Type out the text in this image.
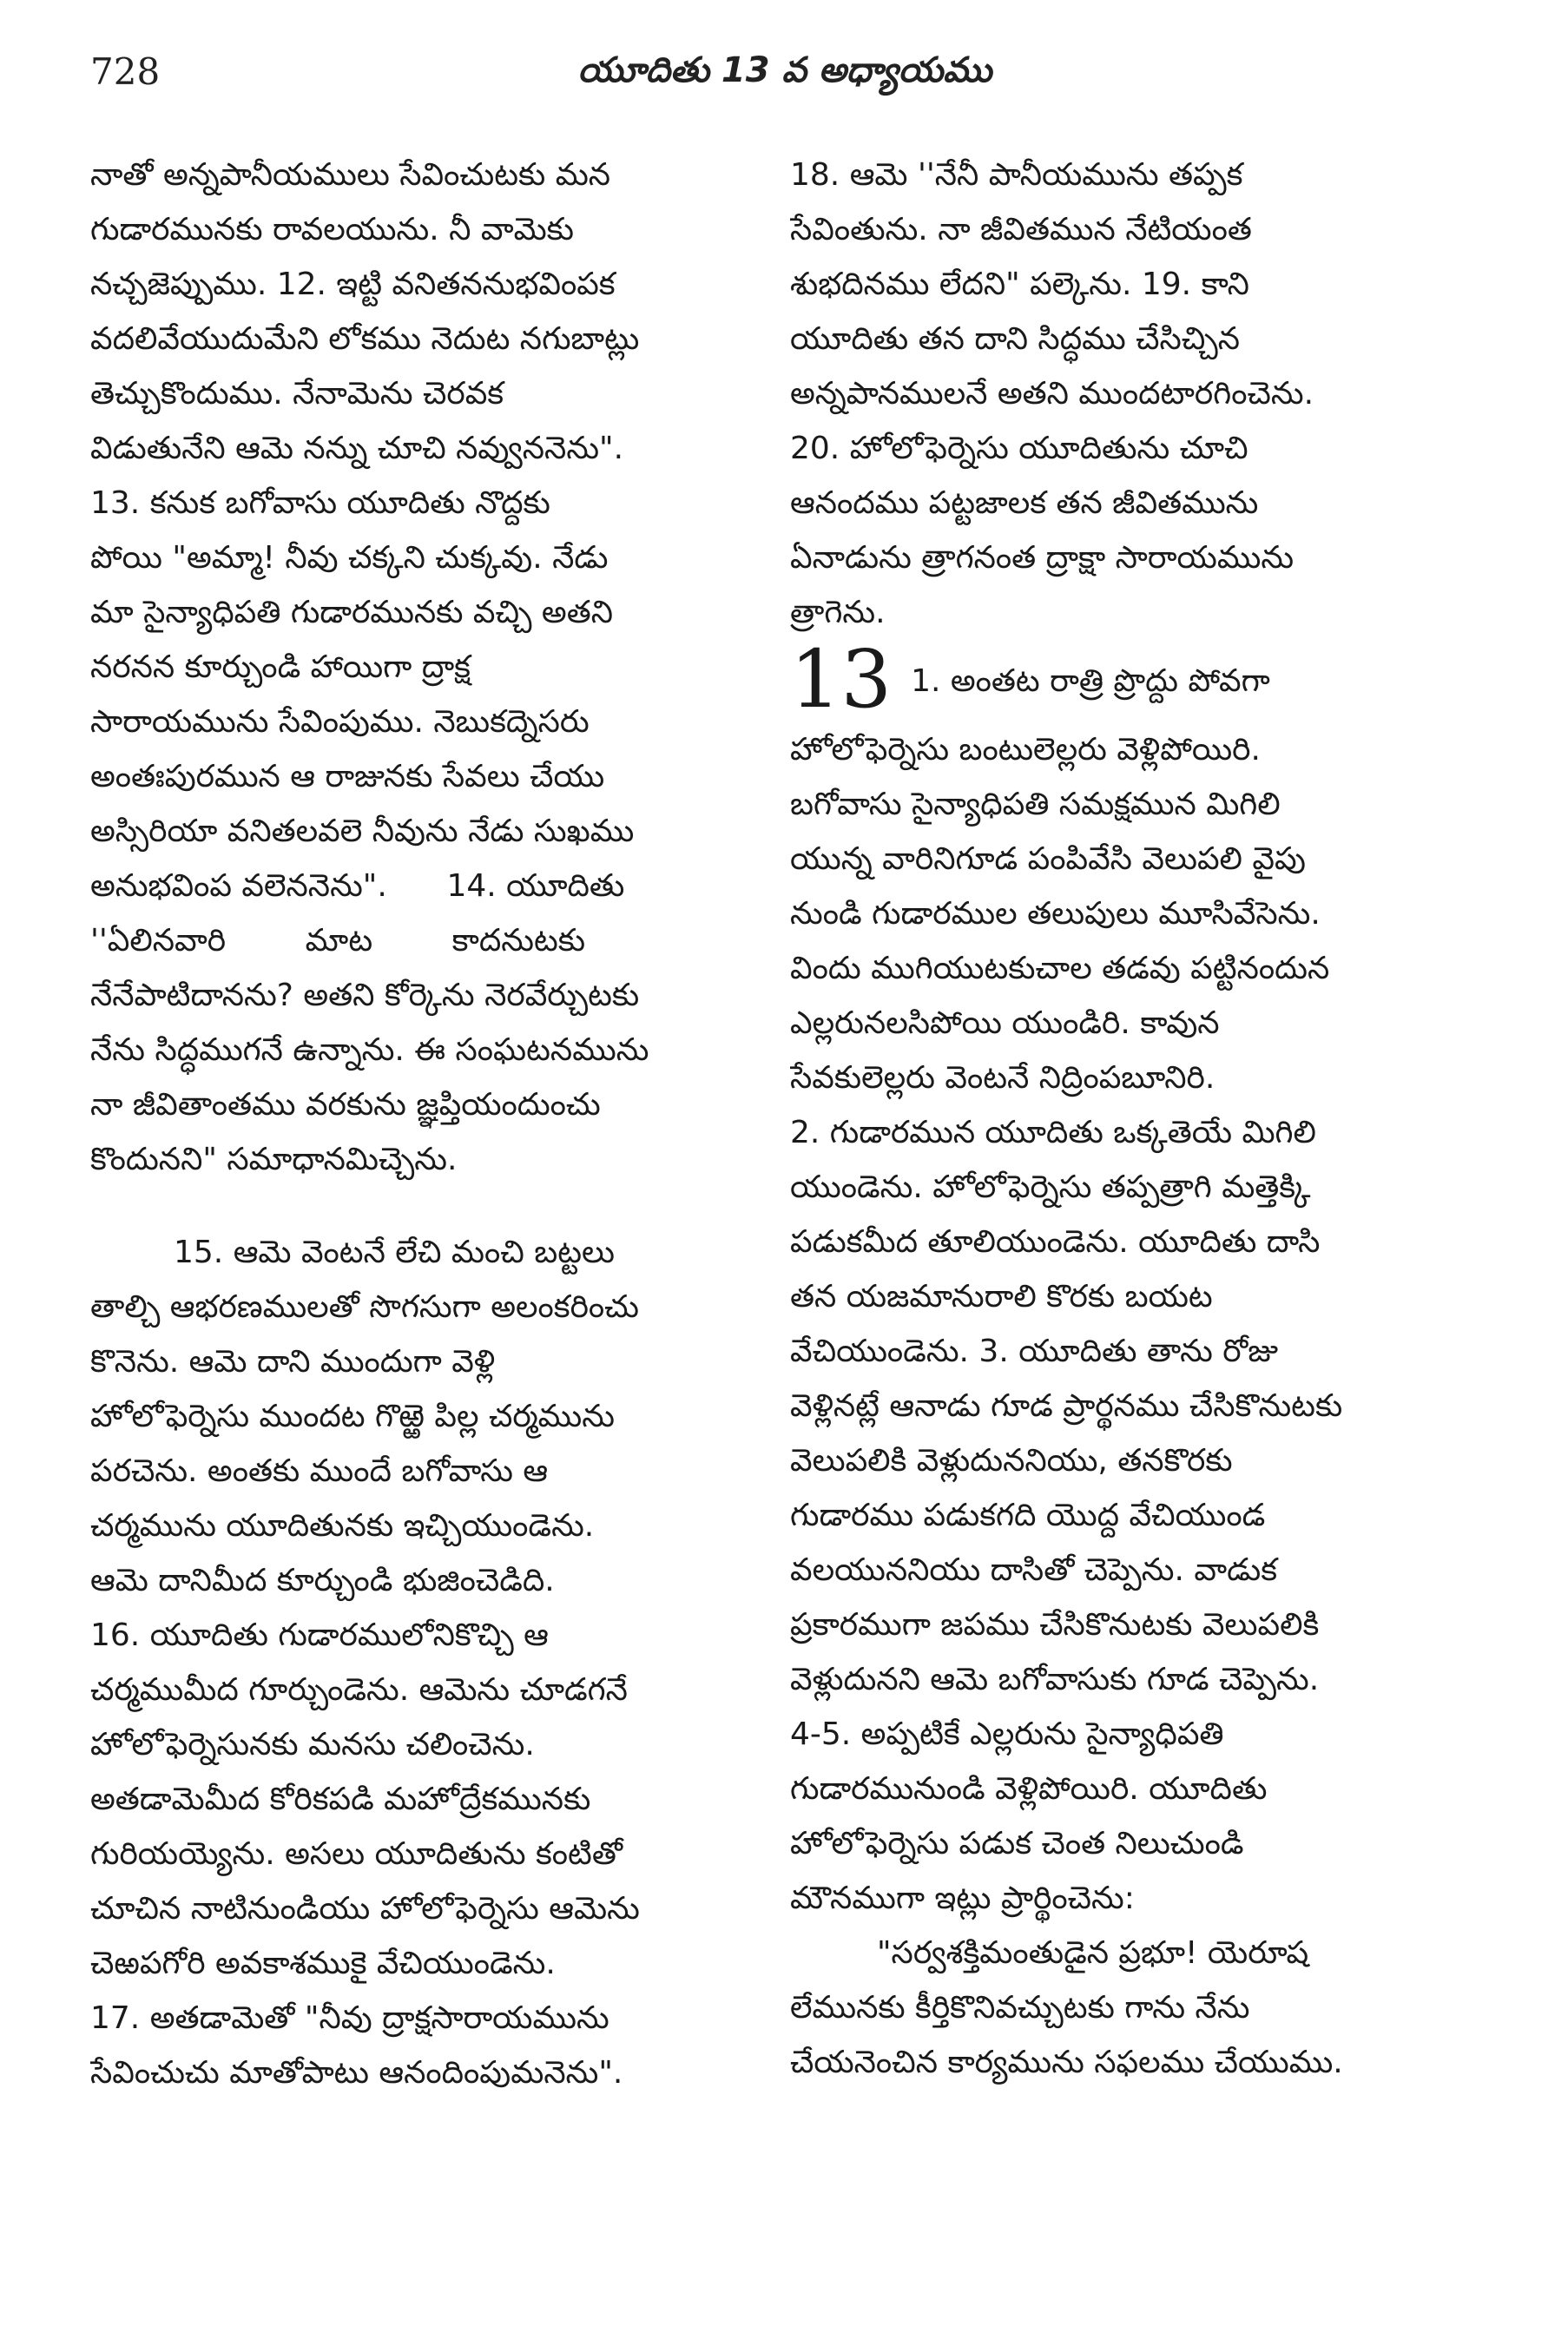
728	యూదితు 13 వ అధ్యాయము
నాతో అన్నపానీయములు సేవించుటకు మన
గుడారమునకు రావలయును. నీ వామెకు
నచ్చజెప్పుము. 12. ఇట్టి వనితననుభవింపక
వదలివేయుదుమేని లోకము నెదుట నగుబాట్లు
తెచ్చుకొందుము. నేనావెును చెరవక
విడుతునేని ఆమె నన్ను చూచి నవ్వుననెను".
13. కనుక బగోవాసు యూదితు నొద్దకు
పోయి "అమ్మా! నీవు చక్కని చుక్కవు. నేడు
మా సైన్యాధిపతి గుడారమునకు వచ్చి అతని
నరనన కూర్చుండి హాయిగా ద్రాక్ష
సారాయమును సేవింపుము. నెబుకద్నెసరు
అంతఃపురమున ఆ రాజునకు సేవలు చేయు
అస్సిరియా వనితలవలె నీవును నేడు సుఖము
అనుభవింప వలెననెను".      14. యూదితు
''ఏలినవారి        మాట        కాదనుటకు
నేనేపాటిదానను? అతని కోర్కెను నెరవేర్చుటకు
నేను సిద్ధముగనే ఉన్నాను. ఈ సంఘటనమును
నా జీవితాంతము వరకును జ్ఞప్తియందుంచు
కొందునని" సమాధానమిచ్చెను.
15. ఆమె వెంటనే లేచి మంచి బట్టలు
తాల్చి ఆభరణములతో సొగసుగా అలంకరించు
కొనెను. ఆమె దాని ముందుగా వెళ్లి
హోలోఫెర్నెసు ముందట గొఱ్ఱె పిల్ల చర్మమును
పరచెను. అంతకు ముందే బగోవాసు ఆ
చర్మమును యూదితునకు ఇచ్చియుండెను.
ఆమె దానిమీద కూర్చుండి భుజించెడిది.
16. యూదితు గుడారములోనికొచ్చి ఆ
చర్మముమీద గూర్చుండెను. ఆమెను చూడగనే
హోలోఫెర్నెసునకు మనసు చలించెను.
అతడామెమీద కోరికపడి మహోద్రేకమునకు
గురియయ్యెను. అసలు యూదితును కంటితో
చూచిన నాటినుండియు హోలోఫెర్నెసు ఆమెను
చెఱపగోరి అవకాశముకై వేచియుండెను.
17. అతడామెతో "నీవు ద్రాక్షసారాయమును
సేవించుచు మాతోపాటు ఆనందింపుమనెను".
18. ఆమె ''నేనీ పానీయమును తప్పక
సేవింతును. నా జీవితమున నేటియంత
శుభదినము లేదని" పల్కెను. 19. కాని
యూదితు తన దాని సిద్ధము చేసిచ్చిన
అన్నపానములనే అతని ముందటారగించెను.
20. హోలోఫెర్నెసు యూదితును చూచి
ఆనందము పట్టజాలక తన జీవితమును
ఏనాడును త్రాగనంత ద్రాక్షా సారాయమును
త్రాగెను.
13 1. అంతట రాత్రి ప్రొద్దు పోవగా
హోలోఫెర్నెసు బంటులెల్లరు వెళ్లిపోయిరి.
బగోవాసు సైన్యాధిపతి సమక్షమున మిగిలి
యున్న వారినిగూడ పంపివేసి వెలుపలి వైపు
నుండి గుడారముల తలుపులు మూసివేసెను.
విందు ముగియుటకుచాల తడవు పట్టినందున
ఎల్లరునలసిపోయి యుండిరి. కావున
సేవకులెల్లరు వెంటనే నిద్రింపబూనిరి.
2. గుడారమున యూదితు ఒక్కతెయే మిగిలి
యుండెను. హోలోఫెర్నెసు తప్పత్రాగి మత్తెక్కి
పడుకమీద తూలియుండెను. యూదితు దాసి
తన యజమానురాలి కొరకు బయట
వేచియుండెను. 3. యూదితు తాను రోజు
వెళ్లినట్లే ఆనాడు గూడ ప్రార్థనము చేసికొనుటకు
వెలుపలికి వెళ్లుదుననియు, తనకొరకు
గుడారము పడుకగది యొద్ద వేచియుండ
వలయుననియు దాసితో చెప్పెను. వాడుక
ప్రకారముగా జపము చేసికొనుటకు వెలుపలికి
వెళ్లుదునని ఆమె బగోవాసుకు గూడ చెప్పెను.
4-5. అప్పటికే ఎల్లరును సైన్యాధిపతి
గుడారమునుండి వెళ్లిపోయిరి. యూదితు
హోలోఫెర్నెసు పడుక చెంత నిలుచుండి
మౌనముగా ఇట్లు ప్రార్థించెను:
"సర్వశక్తిమంతుడైన ప్రభూ! యెరూష
లేమునకు కీర్తికొనివచ్చుటకు గాను నేను
చేయనెంచిన కార్యమును సఫలము చేయుము.
